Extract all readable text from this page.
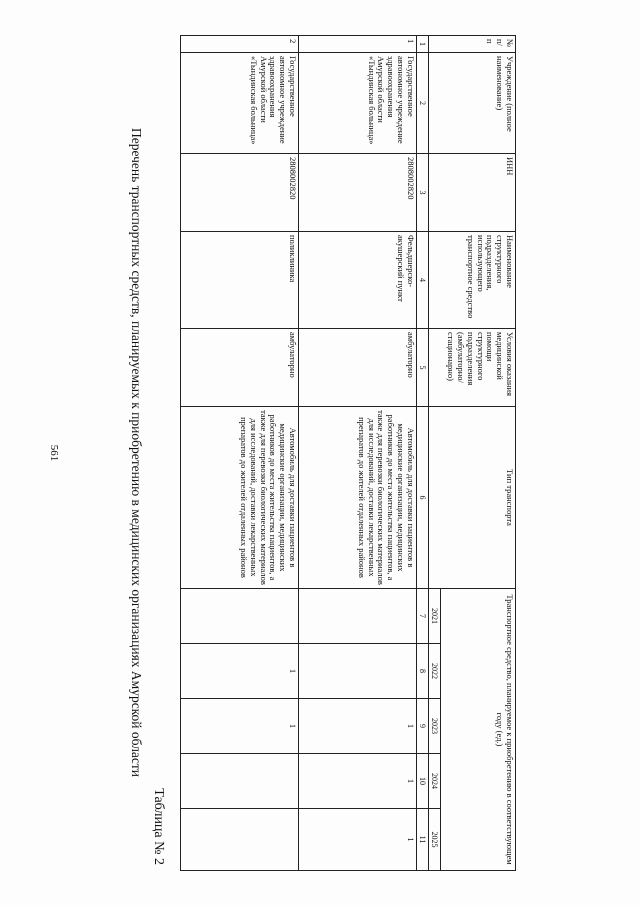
561
Таблица № 2
Перечень транспортных средств, планируемых к приобретению в медицинских организациях Амурской области
№ п/п	Учреждение (полное наименование)	ИНН	Наименование структурного подразделения, использующего транспортное средство	Условия оказания медицинской помощи структурного подразделения (амбулаторно/ стационарно)	Тип транспорта	Транспортное средство, планируемое к приобретению в соответствующем году (ед.)				
						2021	2022	2023	2024	2025
1	2	3	4	5	6	7	8	9	10	11
1	Государственное автономное учреждение здравоохранения Амурской области «Тындинская больница»	2808002820	Фельдшерско-акушерский пункт	амбулаторно	Автомобиль для доставки пациентов в медицинские организации, медицинских работников до места жительства пациентов, а также для перевозки биологических материалов для исследований, доставки лекарственных препаратов до жителей отдаленных районов			1	1	1
2	Государственное автономное учреждение здравоохранения Амурской области «Тындинская больница»	2808002820	поликлиника	амбулаторно	Автомобиль для доставки пациентов в медицинские организации, медицинских работников до места жительства пациентов, а также для перевозки биологических материалов для исследований, доставки лекарственных препаратов до жителей отдаленных районов		1	1		
